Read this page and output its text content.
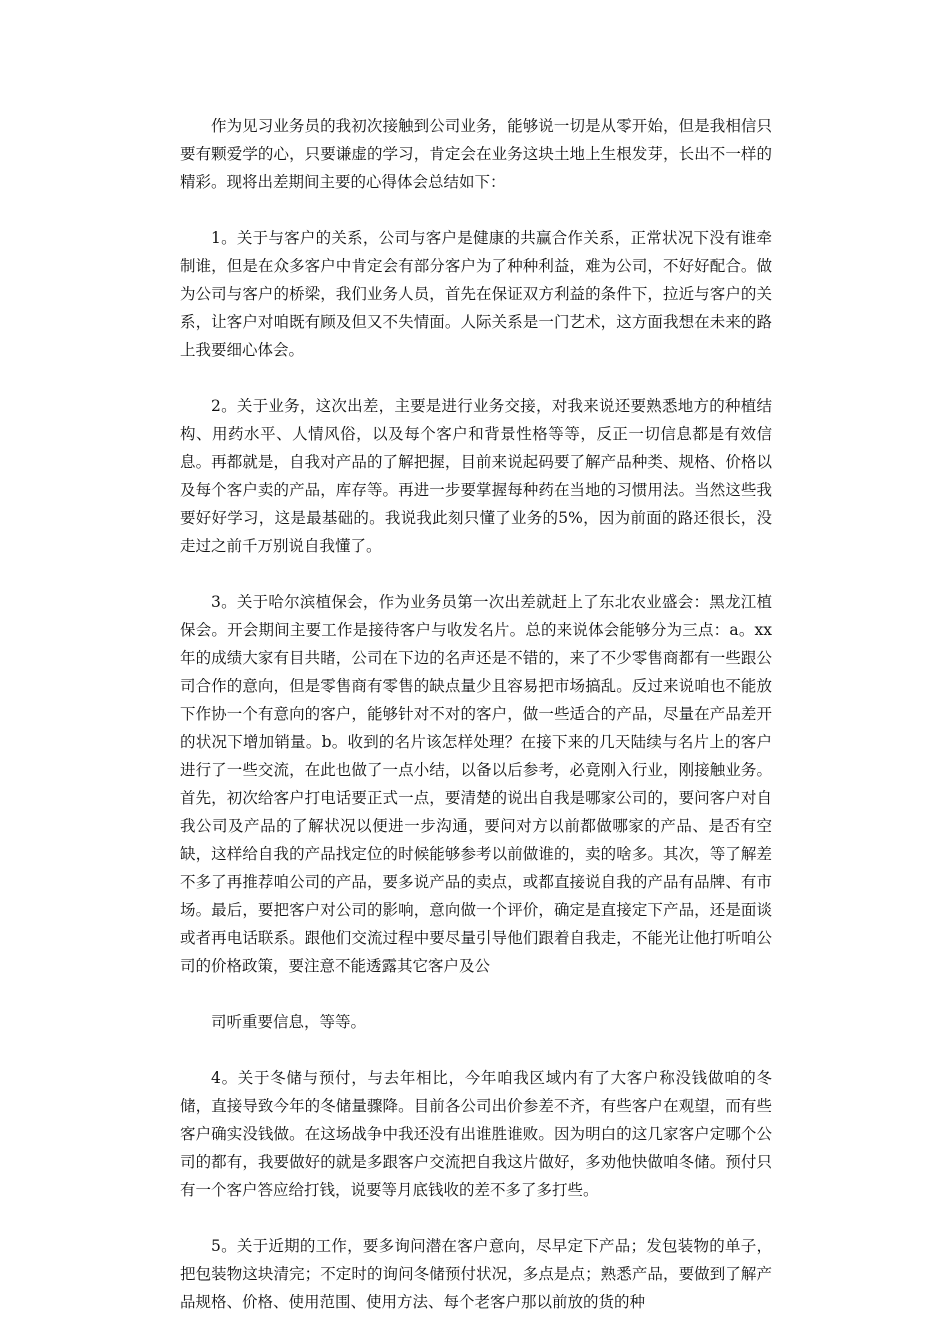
作为见习业务员的我初次接触到公司业务，能够说一切是从零开始，但是我相信只要有颗爱学的心，只要谦虚的学习，肯定会在业务这块土地上生根发芽，长出不一样的精彩。现将出差期间主要的心得体会总结如下：

1。关于与客户的关系，公司与客户是健康的共赢合作关系，正常状况下没有谁牵制谁，但是在众多客户中肯定会有部分客户为了种种利益，难为公司，不好好配合。做为公司与客户的桥梁，我们业务人员，首先在保证双方利益的条件下，拉近与客户的关系，让客户对咱既有顾及但又不失情面。人际关系是一门艺术，这方面我想在未来的路上我要细心体会。

2。关于业务，这次出差，主要是进行业务交接，对我来说还要熟悉地方的种植结构、用药水平、人情风俗，以及每个客户和背景性格等等，反正一切信息都是有效信息。再都就是，自我对产品的了解把握，目前来说起码要了解产品种类、规格、价格以及每个客户卖的产品，库存等。再进一步要掌握每种药在当地的习惯用法。当然这些我要好好学习，这是最基础的。我说我此刻只懂了业务的5%，因为前面的路还很长，没走过之前千万别说自我懂了。

3。关于哈尔滨植保会，作为业务员第一次出差就赶上了东北农业盛会：黑龙江植保会。开会期间主要工作是接待客户与收发名片。总的来说体会能够分为三点：a。xx年的成绩大家有目共睹，公司在下边的名声还是不错的，来了不少零售商都有一些跟公司合作的意向，但是零售商有零售的缺点量少且容易把市场搞乱。反过来说咱也不能放下作协一个有意向的客户，能够针对不对的客户，做一些适合的产品，尽量在产品差开的状况下增加销量。b。收到的名片该怎样处理？在接下来的几天陆续与名片上的客户进行了一些交流，在此也做了一点小结，以备以后参考，必竟刚入行业，刚接触业务。首先，初次给客户打电话要正式一点，要清楚的说出自我是哪家公司的，要问客户对自我公司及产品的了解状况以便进一步沟通，要问对方以前都做哪家的产品、是否有空缺，这样给自我的产品找定位的时候能够参考以前做谁的，卖的啥多。其次，等了解差不多了再推荐咱公司的产品，要多说产品的卖点，或都直接说自我的产品有品牌、有市场。最后，要把客户对公司的影响，意向做一个评价，确定是直接定下产品，还是面谈或者再电话联系。跟他们交流过程中要尽量引导他们跟着自我走，不能光让他打听咱公司的价格政策，要注意不能透露其它客户及公

司听重要信息，等等。

4。关于冬储与预付，与去年相比，今年咱我区域内有了大客户称没钱做咱的冬储，直接导致今年的冬储量骤降。目前各公司出价参差不齐，有些客户在观望，而有些客户确实没钱做。在这场战争中我还没有出谁胜谁败。因为明白的这几家客户定哪个公司的都有，我要做好的就是多跟客户交流把自我这片做好，多劝他快做咱冬储。预付只有一个客户答应给打钱，说要等月底钱收的差不多了多打些。

5。关于近期的工作，要多询问潜在客户意向，尽早定下产品；发包装物的单子，把包装物这块清完；不定时的询问冬储预付状况，多点是点；熟悉产品，要做到了解产品规格、价格、使用范围、使用方法、每个老客户那以前放的货的种
